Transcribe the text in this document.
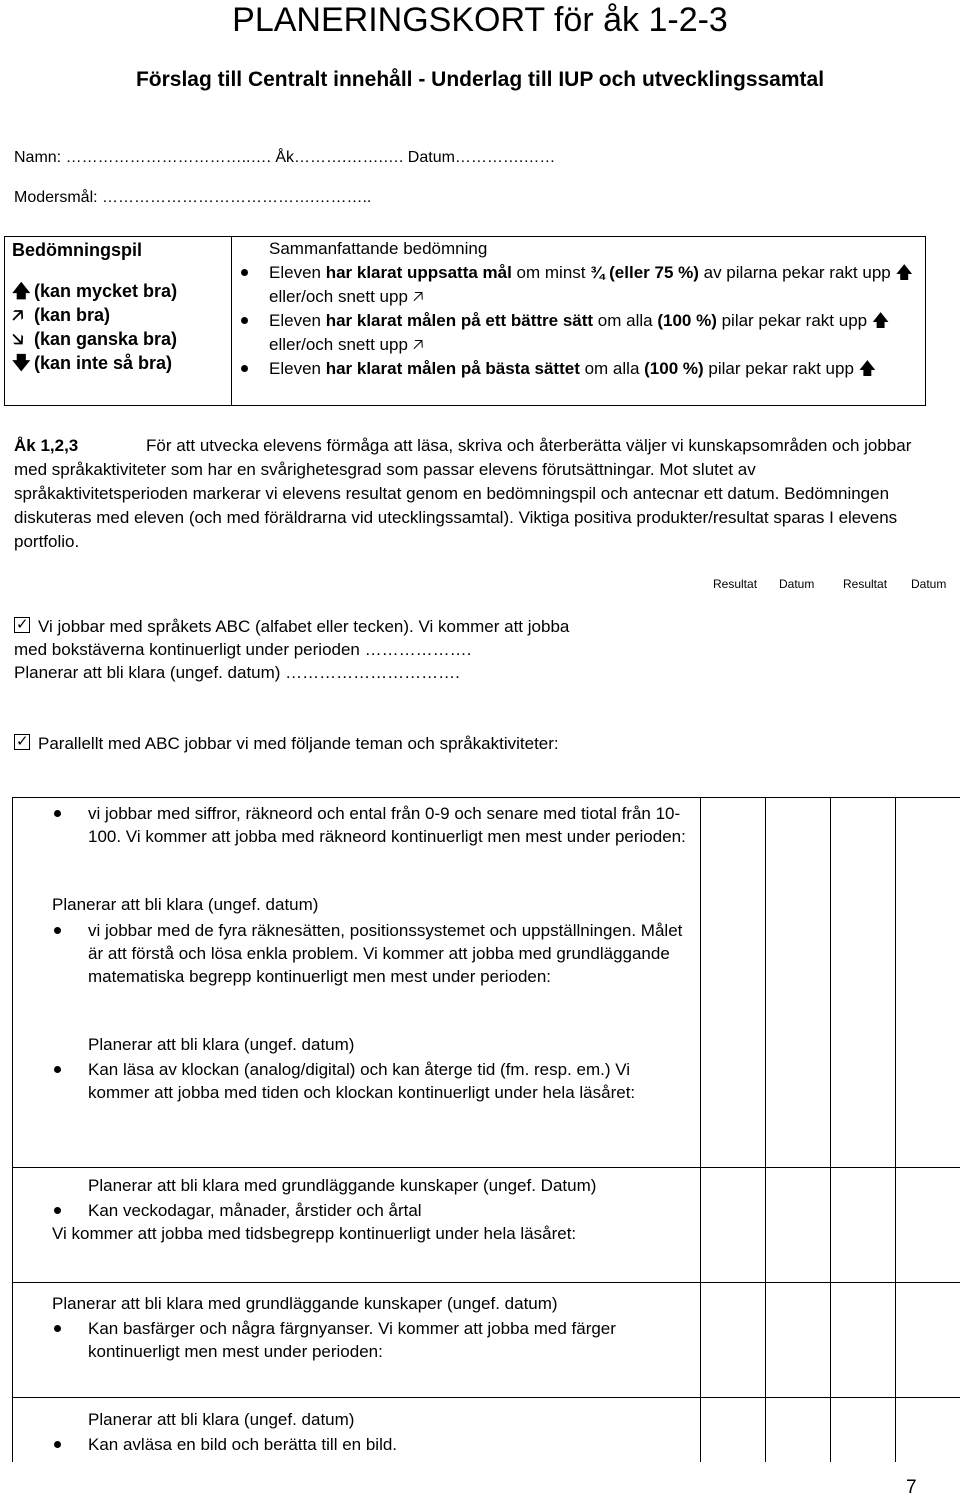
PLANERINGSKORT för åk 1-2-3
Förslag till Centralt innehåll - Underlag till IUP och utvecklingssamtal
Namn: ……………………………..…. Åk……….…….…. Datum………….……
Modersmål: ………………………………….………..
Bedömningspil
🡅 (kan mycket bra)
🡥 (kan bra)
🡦 (kan ganska bra)
🡇 (kan inte så bra)
Sammanfattande bedömning
Eleven har klarat uppsatta mål om minst ¾ (eller 75 %) av pilarna pekar rakt upp 🡅 eller/och snett upp 🡥
Eleven har klarat målen på ett bättre sätt om alla (100 %) pilar pekar rakt upp 🡅 eller/och snett upp 🡥
Eleven har klarat målen på bästa sättet om alla (100 %) pilar pekar rakt upp 🡅
Åk 1,2,3	För att utvecka elevens förmåga att läsa, skriva och återberätta väljer vi kunskapsområden och jobbar med språkaktiviteter som har en svårighetesgrad som passar elevens förutsättningar. Mot slutet av språkaktivitetsperioden markerar vi elevens resultat genom en bedömningspil och antecnar ett datum. Bedömningen diskuteras med eleven (och med föräldrarna vid utecklingssamtal). Viktiga positiva produkter/resultat sparas I elevens portfolio.
Resultat Datum Resultat Datum
✓Vi jobbar med språkets ABC (alfabet eller tecken). Vi kommer att jobba
med bokstäverna kontinuerligt under perioden ……………….
Planerar att bli klara (ungef. datum) ………………………….
✓Parallellt med ABC jobbar vi med följande teman och språkaktiviteter:
vi jobbar med siffror, räkneord och ental från 0-9 och senare med tiotal från 10-100. Vi kommer att jobba med räkneord kontinuerligt men mest under perioden:
Planerar att bli klara (ungef. datum)
vi jobbar med de fyra räknesätten, positionssystemet och uppställningen. Målet är att förstå och lösa enkla problem. Vi kommer att jobba med grundläggande matematiska begrepp kontinuerligt men mest under perioden:
Planerar att bli klara (ungef. datum)
Kan läsa av klockan (analog/digital) och kan återge tid (fm. resp. em.) Vi kommer att jobba med tiden och klockan kontinuerligt under hela läsåret:
Planerar att bli klara med grundläggande kunskaper (ungef. Datum)
Kan veckodagar, månader, årstider och årtal
Vi kommer att jobba med tidsbegrepp kontinuerligt under hela läsåret:
Planerar att bli klara med grundläggande kunskaper (ungef. datum)
Kan basfärger och några färgnyanser. Vi kommer att jobba med färger kontinuerligt men mest under perioden:
Planerar att bli klara (ungef. datum)
Kan avläsa en bild och berätta till en bild.
7
